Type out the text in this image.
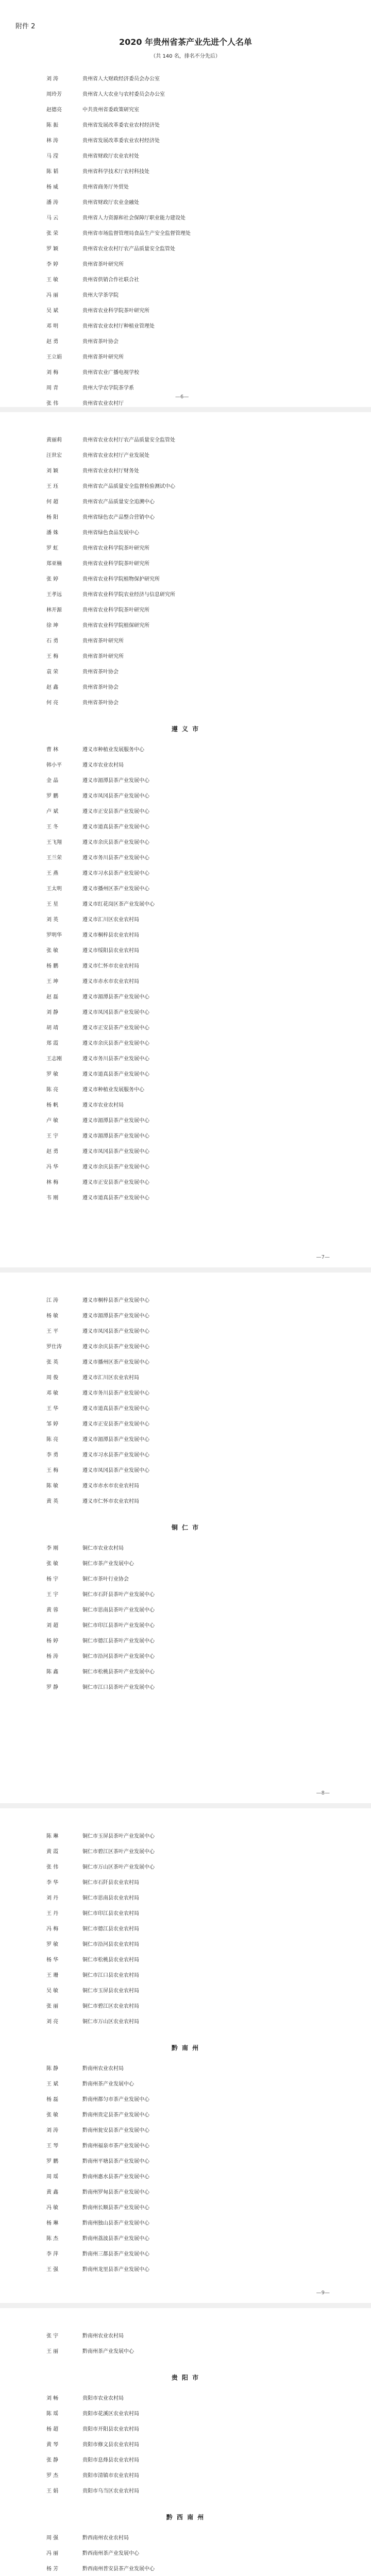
附件 2
2020 年贵州省茶产业先进个人名单
（共 140 名，排名不分先后）
刘 涛	贵州省人大财政经济委员会办公室
周玲芳	贵州省人大农业与农村委员会办公室
赵德亮	中共贵州省委政策研究室
陈 振	贵州省发展改革委农业农村经济处
林 涛	贵州省发展改革委农业农村经济处
马 滢	贵州省财政厅农业农村处
陈 韬	贵州省科学技术厅农村科技处
杨 威	贵州省商务厅外贸处
潘 涛	贵州省财政厅农业金融处
马 云	贵州省人力资源和社会保障厅职业能力建设处
张 荣	贵州省市场监督管理局食品生产安全监督管理处
罗 颖	贵州省农业农村厅农产品质量安全监管处
李 婷	贵州省茶叶研究所
王 敏	贵州省供销合作社联合社
冯 丽	贵州大学茶学院
吴 斌	贵州省农业科学院茶叶研究所
邓 明	贵州省农业农村厅种植业管理处
赵 勇	贵州省茶叶协会
王立娟	贵州省茶叶研究所
刘 梅	贵州省农业广播电视学校
周 青	贵州大学农学院茶学系
张 伟	贵州省农业农村厅
—6—
黄丽莉	贵州省农业农村厅农产品质量安全监管处
汪世宏	贵州省农业农村厅产业发展处
刘 颖	贵州省农业农村厅财务处
王 珏	贵州省农产品质量安全监督检验测试中心
何 超	贵州省农产品质量安全追溯中心
杨 阳	贵州省绿色农产品整合营销中心
潘 姝	贵州省绿色食品发展中心
罗 虹	贵州省农业科学院茶叶研究所
郑亚楠	贵州省农业科学院茶叶研究所
张 婷	贵州省农业科学院植物保护研究所
王孝远	贵州省农业科学院农业经济与信息研究所
林开源	贵州省农业科学院茶叶研究所
徐 坤	贵州省农业科学院植保研究所
石 勇	贵州省茶叶研究所
王 梅	贵州省茶叶研究所
袁 荣	贵州省茶叶协会
赵 鑫	贵州省茶叶协会
何 亮	贵州省茶叶协会
遵 义 市
曹 林	遵义市种植业发展服务中心
韩小平	遵义市农业农村局
金 晶	遵义市湄潭县茶产业发展中心
罗 鹏	遵义市凤冈县茶产业发展中心
卢 斌	遵义市正安县茶产业发展中心
王 冬	遵义市道真县茶产业发展中心
王飞翔	遵义市余庆县茶产业发展中心
王兰荣	遵义市务川县茶产业发展中心
王 燕	遵义市习水县茶产业发展中心
王太明	遵义市播州区茶产业发展中心
王 星	遵义市红花岗区茶产业发展中心
刘 英	遵义市汇川区农业农村局
罗明华	遵义市桐梓县农业农村局
张 敏	遵义市绥阳县农业农村局
杨 鹏	遵义市仁怀市农业农村局
王 坤	遵义市赤水市农业农村局
赵 磊	遵义市湄潭县茶产业发展中心
刘 静	遵义市凤冈县茶产业发展中心
胡 靖	遵义市正安县茶产业发展中心
郑 霞	遵义市余庆县茶产业发展中心
王志刚	遵义市务川县茶产业发展中心
罗 敏	遵义市道真县茶产业发展中心
陈 亮	遵义市种植业发展服务中心
杨 帆	遵义市农业农村局
卢 敏	遵义市湄潭县茶产业发展中心
王 宇	遵义市湄潭县茶产业发展中心
赵 勇	遵义市凤冈县茶产业发展中心
冯 华	遵义市余庆县茶产业发展中心
林 梅	遵义市正安县茶产业发展中心
韦 刚	遵义市道真县茶产业发展中心
—7—
江 涛	遵义市桐梓县茶产业发展中心
杨 敏	遵义市湄潭县茶产业发展中心
王 平	遵义市凤冈县茶产业发展中心
罗仕涛	遵义市余庆县茶产业发展中心
张 英	遵义市播州区茶产业发展中心
周 俊	遵义市汇川区农业农村局
邓 敏	遵义市务川县茶产业发展中心
王 华	遵义市道真县茶产业发展中心
邹 婷	遵义市正安县茶产业发展中心
陈 亮	遵义市湄潭县茶产业发展中心
李 勇	遵义市习水县茶产业发展中心
王 梅	遵义市凤冈县茶产业发展中心
陈 敏	遵义市赤水市农业农村局
黄 英	遵义市仁怀市农业农村局
铜 仁 市
李 刚	铜仁市农业农村局
张 敏	铜仁市茶产业发展中心
杨 宇	铜仁市茶叶行业协会
王 宇	铜仁市石阡县茶叶产业发展中心
黄 蓉	铜仁市思南县茶叶产业发展中心
刘 超	铜仁市印江县茶叶产业发展中心
杨 婷	铜仁市德江县茶叶产业发展中心
杨 涛	铜仁市沿河县茶叶产业发展中心
陈 鑫	铜仁市松桃县茶叶产业发展中心
罗 静	铜仁市江口县茶叶产业发展中心
—8—
陈 琳	铜仁市玉屏县茶叶产业发展中心
黄 霞	铜仁市碧江区茶叶产业发展中心
张 伟	铜仁市万山区茶叶产业发展中心
李 华	铜仁市石阡县农业农村局
刘 丹	铜仁市思南县农业农村局
王 丹	铜仁市印江县农业农村局
冯 梅	铜仁市德江县农业农村局
罗 敏	铜仁市沿河县农业农村局
杨 华	铜仁市松桃县农业农村局
王 珊	铜仁市江口县农业农村局
吴 敏	铜仁市玉屏县农业农村局
张 丽	铜仁市碧江区农业农村局
刘 亮	铜仁市万山区农业农村局
黔 南 州
陈 静	黔南州农业农村局
王 斌	黔南州茶产业发展中心
杨 磊	黔南州都匀市茶产业发展中心
张 敏	黔南州贵定县茶产业发展中心
刘 涛	黔南州瓮安县茶产业发展中心
王 琴	黔南州福泉市茶产业发展中心
罗 鹏	黔南州平塘县茶产业发展中心
周 瑶	黔南州惠水县茶产业发展中心
黄 鑫	黔南州罗甸县茶产业发展中心
冯 敏	黔南州长顺县茶产业发展中心
杨 琳	黔南州独山县茶产业发展中心
陈 杰	黔南州荔波县茶产业发展中心
李 萍	黔南州三都县茶产业发展中心
王 强	黔南州龙里县茶产业发展中心
—9—
张 宇	黔南州农业农村局
王 丽	黔南州茶产业发展中心
贵 阳 市
刘 畅	贵阳市农业农村局
陈 瑶	贵阳市花溪区农业农村局
杨 超	贵阳市开阳县农业农村局
黄 琴	贵阳市修文县农业农村局
张 静	贵阳市息烽县农业农村局
罗 杰	贵阳市清镇市农业农村局
王 娟	贵阳市乌当区农业农村局
黔 西 南 州
周 强	黔西南州农业农村局
冯 丽	黔西南州茶产业发展中心
杨 芳	黔西南州普安县茶产业发展中心
